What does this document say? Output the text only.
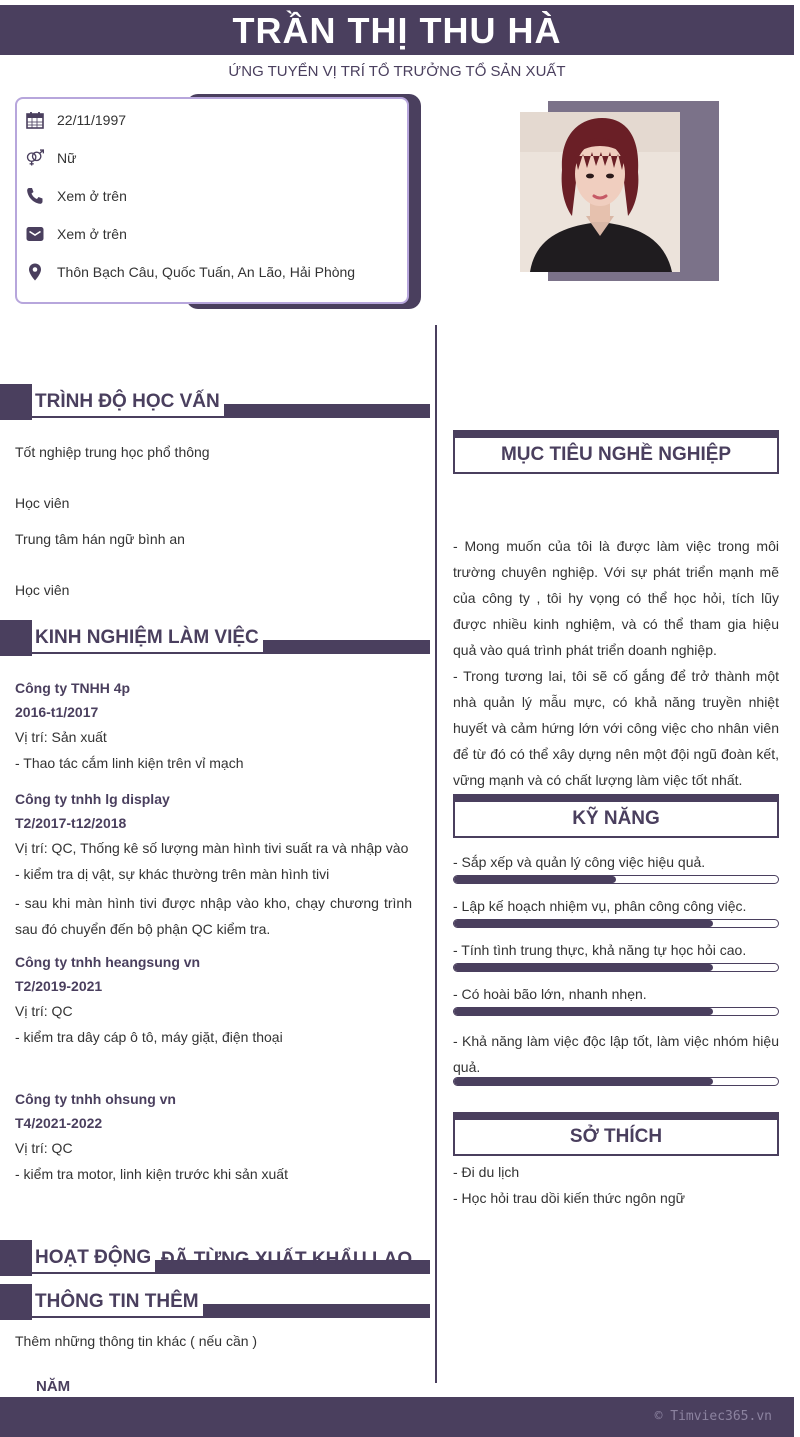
TRẦN THỊ THU HÀ
ỨNG TUYỂN VỊ TRÍ TỔ TRƯỞNG TỔ SẢN XUẤT
22/11/1997
Nữ
Xem ở trên
Xem ở trên
Thôn Bạch Câu, Quốc Tuấn, An Lão, Hải Phòng
TRÌNH ĐỘ HỌC VẤN
Tốt nghiệp trung học phổ thông
Học viên
Trung tâm hán ngữ bình an
Học viên
KINH NGHIỆM LÀM VIỆC
Công ty TNHH 4p
2016-t1/2017
Vị trí: Sản xuất
- Thao tác cắm linh kiện trên vỉ mạch
Công ty tnhh lg display
T2/2017-t12/2018
Vị trí: QC, Thống kê số lượng màn hình tivi suất ra và nhập vào
- kiểm tra dị vật, sự khác thường trên màn hình tivi
- sau khi màn hình tivi được nhập vào kho, chạy chương trình sau đó chuyển đến bộ phận QC kiểm tra.
Công ty tnhh heangsung vn
T2/2019-2021
Vị trí: QC
- kiểm tra dây cáp ô tô, máy giặt, điện thoại
Công ty tnhh ohsung vn
T4/2021-2022
Vị trí: QC
- kiểm tra motor, linh kiện trước khi sản xuất
ĐÃ TỪNG XUẤT KHẨU LAO
HOẠT ĐỘNG
THÔNG TIN THÊM
Thêm những thông tin khác ( nếu cần )
NĂM
MỤC TIÊU NGHỀ NGHIỆP
- Mong muốn của tôi là được làm việc trong môi trường chuyên nghiệp. Với sự phát triển mạnh mẽ của công ty , tôi hy vọng có thể học hỏi, tích lũy được nhiều kinh nghiệm, và có thể tham gia hiệu quả vào quá trình phát triển doanh nghiệp.
- Trong tương lai, tôi sẽ cố gắng để trở thành một nhà quản lý mẫu mực, có khả năng truyền nhiệt huyết và cảm hứng lớn với công việc cho nhân viên để từ đó có thể xây dựng nên một đội ngũ đoàn kết, vững mạnh và có chất lượng làm việc tốt nhất.
KỸ NĂNG
- Sắp xếp và quản lý công việc hiệu quả.
- Lập kế hoạch nhiệm vụ, phân công công việc.
- Tính tình trung thực, khả năng tự học hỏi cao.
- Có hoài bão lớn, nhanh nhẹn.
- Khả năng làm việc độc lập tốt, làm việc nhóm hiệu quả.
SỞ THÍCH
- Đi du lịch
- Học hỏi trau dồi kiến thức ngôn ngữ
© Timviec365.vn
